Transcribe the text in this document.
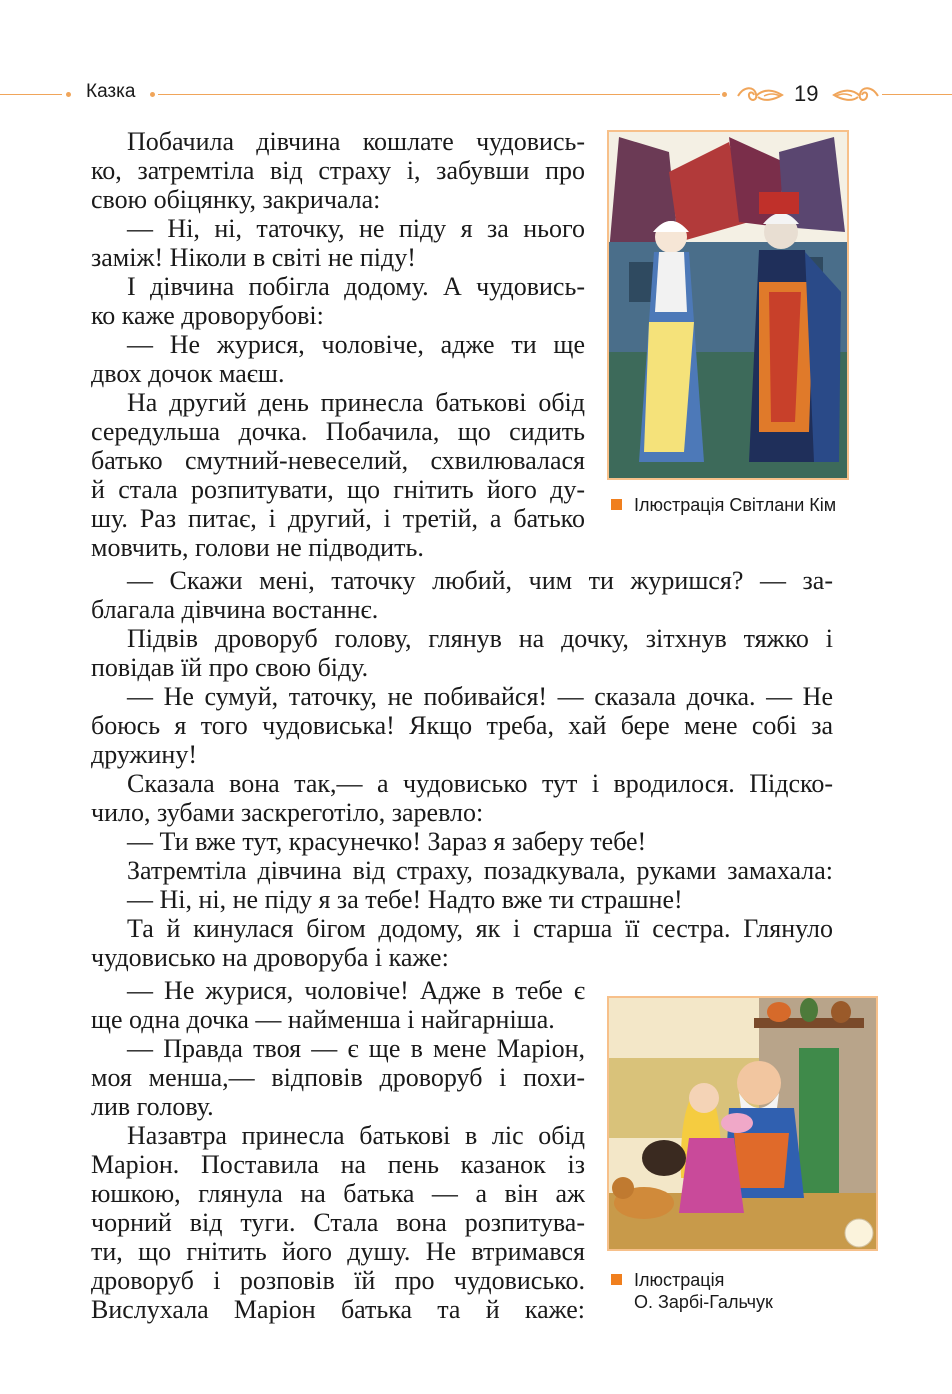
Казка	19
Побачила дівчина кошлате чудовись-
ко, затремтіла від страху і, забувши про
свою обіцянку, закричала:
— Ні, ні, таточку, не піду я за нього
заміж! Ніколи в світі не піду!
І дівчина побігла додому. А чудовись-
ко каже дроворубові:
— Не журися, чоловіче, адже ти ще
двох дочок маєш.
На другий день принесла батькові обід
середульша дочка. Побачила, що сидить
батько смутний-невеселий, схвилювалася
й стала розпитувати, що гнітить його ду-
шу. Раз питає, і другий, і третій, а батько
мовчить, голови не підводить.
— Скажи мені, таточку любий, чим ти журишся? — за-
благала дівчина востаннє.
Підвів дроворуб голову, глянув на дочку, зітхнув тяжко і
повідав їй про свою біду.
— Не сумуй, таточку, не побивайся! — сказала дочка. — Не
боюсь я того чудовиська! Якщо треба, хай бере мене собі за
дружину!
Сказала вона так,— а чудовисько тут і вродилося. Підско-
чило, зубами заскреготіло, заревло:
— Ти вже тут, красунечко! Зараз я заберу тебе!
Затремтіла дівчина від страху, позадкувала, руками замахала:
— Ні, ні, не піду я за тебе! Надто вже ти страшне!
Та й кинулася бігом додому, як і старша її сестра. Глянуло
чудовисько на дроворуба і каже:
— Не журися, чоловіче! Адже в тебе є
ще одна дочка — найменша і найгарніша.
— Правда твоя — є ще в мене Маріон,
моя менша,— відповів дроворуб і похи-
лив голову.
Назавтра принесла батькові в ліс обід
Маріон. Поставила на пень казанок із
юшкою, глянула на батька — а він аж
чорний від туги. Стала вона розпитува-
ти, що гнітить його душу. Не втримався
дроворуб і розповів їй про чудовисько.
Вислухала Маріон батька та й каже:
Ілюстрація Світлани Кім
Ілюстрація
О. Зарбі-Гальчук
